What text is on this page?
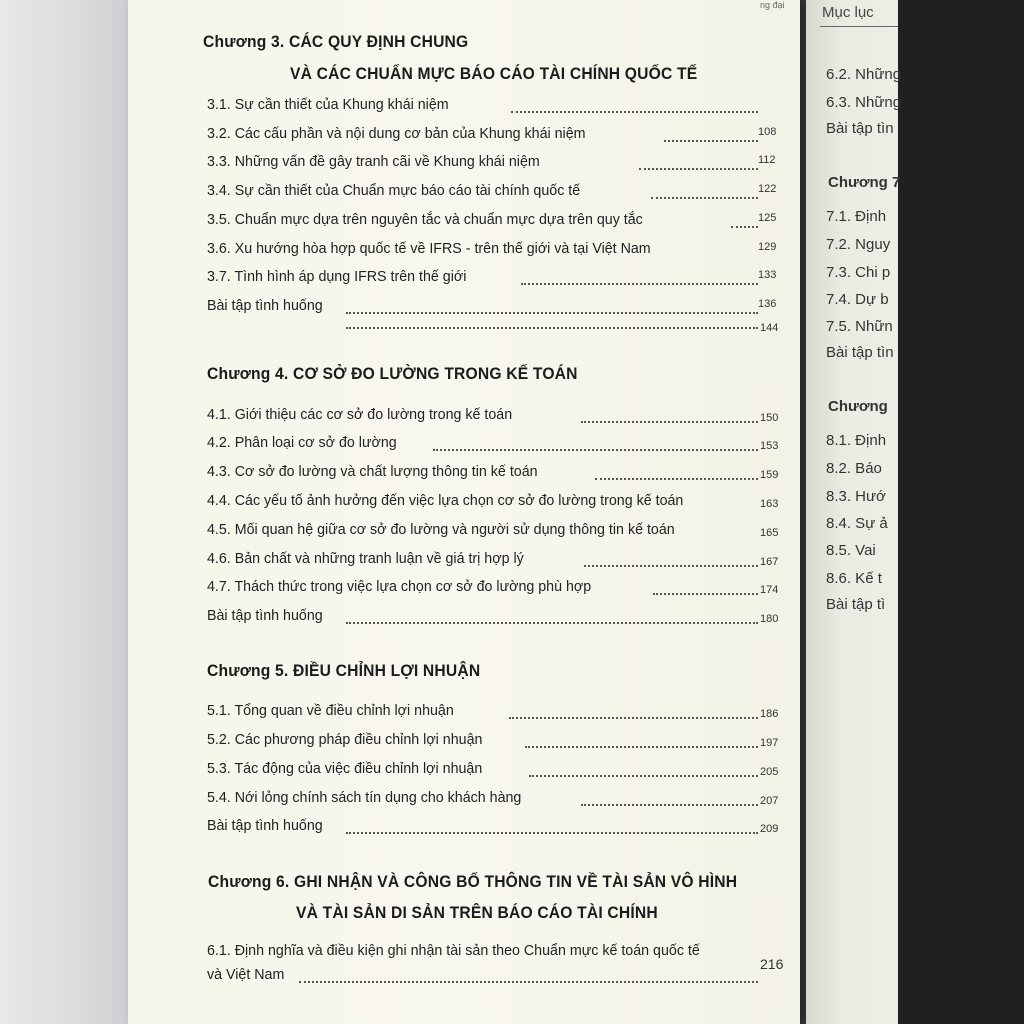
ng đại Mục lục
Chương 3. CÁC QUY ĐỊNH CHUNG
VÀ CÁC CHUẨN MỰC BÁO CÁO TÀI CHÍNH QUỐC TẾ
3.1. Sự cần thiết của Khung khái niệm
3.2. Các cấu phần và nội dung cơ bản của Khung khái niệm	108
3.3. Những vấn đề gây tranh cãi về Khung khái niệm	112
3.4. Sự cần thiết của Chuẩn mực báo cáo tài chính quốc tế	122
3.5. Chuẩn mực dựa trên nguyên tắc và chuẩn mực dựa trên quy tắc	125
3.6. Xu hướng hòa hợp quốc tế về IFRS - trên thế giới và tại Việt Nam	129
3.7. Tình hình áp dụng IFRS trên thế giới	133
Bài tập tình huống	136
144
Chương 4. CƠ SỞ ĐO LƯỜNG TRONG KẾ TOÁN
4.1. Giới thiệu các cơ sở đo lường trong kế toán	150
4.2. Phân loại cơ sở đo lường	153
4.3. Cơ sở đo lường và chất lượng thông tin kế toán	159
4.4. Các yếu tố ảnh hưởng đến việc lựa chọn cơ sở đo lường trong kế toán	163
4.5. Mối quan hệ giữa cơ sở đo lường và người sử dụng thông tin kế toán	165
4.6. Bản chất và những tranh luận về giá trị hợp lý	167
4.7. Thách thức trong việc lựa chọn cơ sở đo lường phù hợp	174
Bài tập tình huống	180
Chương 5. ĐIỀU CHỈNH LỢI NHUẬN
5.1. Tổng quan về điều chỉnh lợi nhuận	186
5.2. Các phương pháp điều chỉnh lợi nhuận	197
5.3. Tác động của việc điều chỉnh lợi nhuận	205
5.4. Nới lỏng chính sách tín dụng cho khách hàng	207
Bài tập tình huống	209
Chương 6. GHI NHẬN VÀ CÔNG BỐ THÔNG TIN VỀ TÀI SẢN VÔ HÌNH
VÀ TÀI SẢN DI SẢN TRÊN BÁO CÁO TÀI CHÍNH
6.1. Định nghĩa và điều kiện ghi nhận tài sản theo Chuẩn mực kế toán quốc tế
và Việt Nam
216
6.2. Những
6.3. Những
Bài tập tìn
Chương 7
7.1. Định
7.2. Nguy
7.3. Chi p
7.4. Dự b
7.5. Nhữn
Bài tập tìn
Chương
8.1. Định
8.2. Báo
8.3. Hướ
8.4. Sự ả
8.5. Vai
8.6. Kế t
Bài tập tì
